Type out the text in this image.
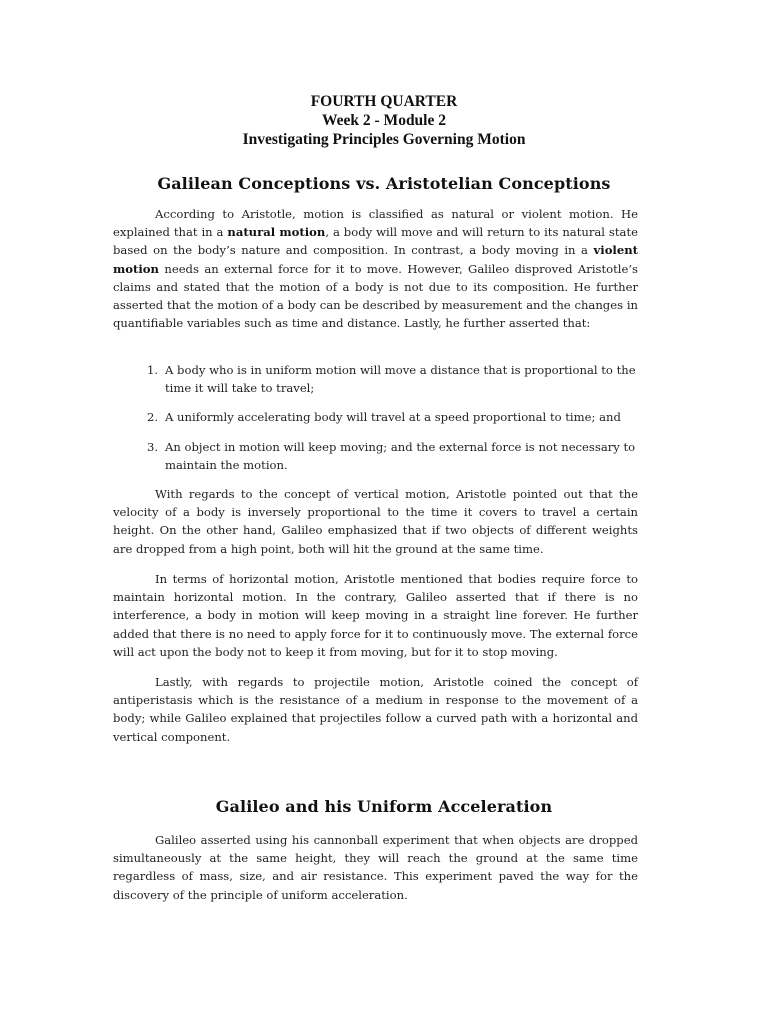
FOURTH QUARTER
Week 2 - Module 2
Investigating Principles Governing Motion
Galilean Conceptions vs. Aristotelian Conceptions

According to Aristotle, motion is classified as natural or violent motion. He explained that in a natural motion, a body will move and will return to its natural state based on the body’s nature and composition. In contrast, a body moving in a violent motion needs an external force for it to move. However, Galileo disproved Aristotle’s claims and stated that the motion of a body is not due to its composition. He further asserted that the motion of a body can be described by measurement and the changes in quantifiable variables such as time and distance. Lastly, he further asserted that:

1. A body who is in uniform motion will move a distance that is proportional to the time it will take to travel;
2. A uniformly accelerating body will travel at a speed proportional to time; and
3. An object in motion will keep moving; and the external force is not necessary to maintain the motion.

With regards to the concept of vertical motion, Aristotle pointed out that the velocity of a body is inversely proportional to the time it covers to travel a certain height. On the other hand, Galileo emphasized that if two objects of different weights are dropped from a high point, both will hit the ground at the same time.

In terms of horizontal motion, Aristotle mentioned that bodies require force to maintain horizontal motion. In the contrary, Galileo asserted that if there is no interference, a body in motion will keep moving in a straight line forever. He further added that there is no need to apply force for it to continuously move. The external force will act upon the body not to keep it from moving, but for it to stop moving.

Lastly, with regards to projectile motion, Aristotle coined the concept of antiperistasis which is the resistance of a medium in response to the movement of a body; while Galileo explained that projectiles follow a curved path with a horizontal and vertical component.

Galileo and his Uniform Acceleration

Galileo asserted using his cannonball experiment that when objects are dropped simultaneously at the same height, they will reach the ground at the same time regardless of mass, size, and air resistance. This experiment paved the way for the discovery of the principle of uniform acceleration.
